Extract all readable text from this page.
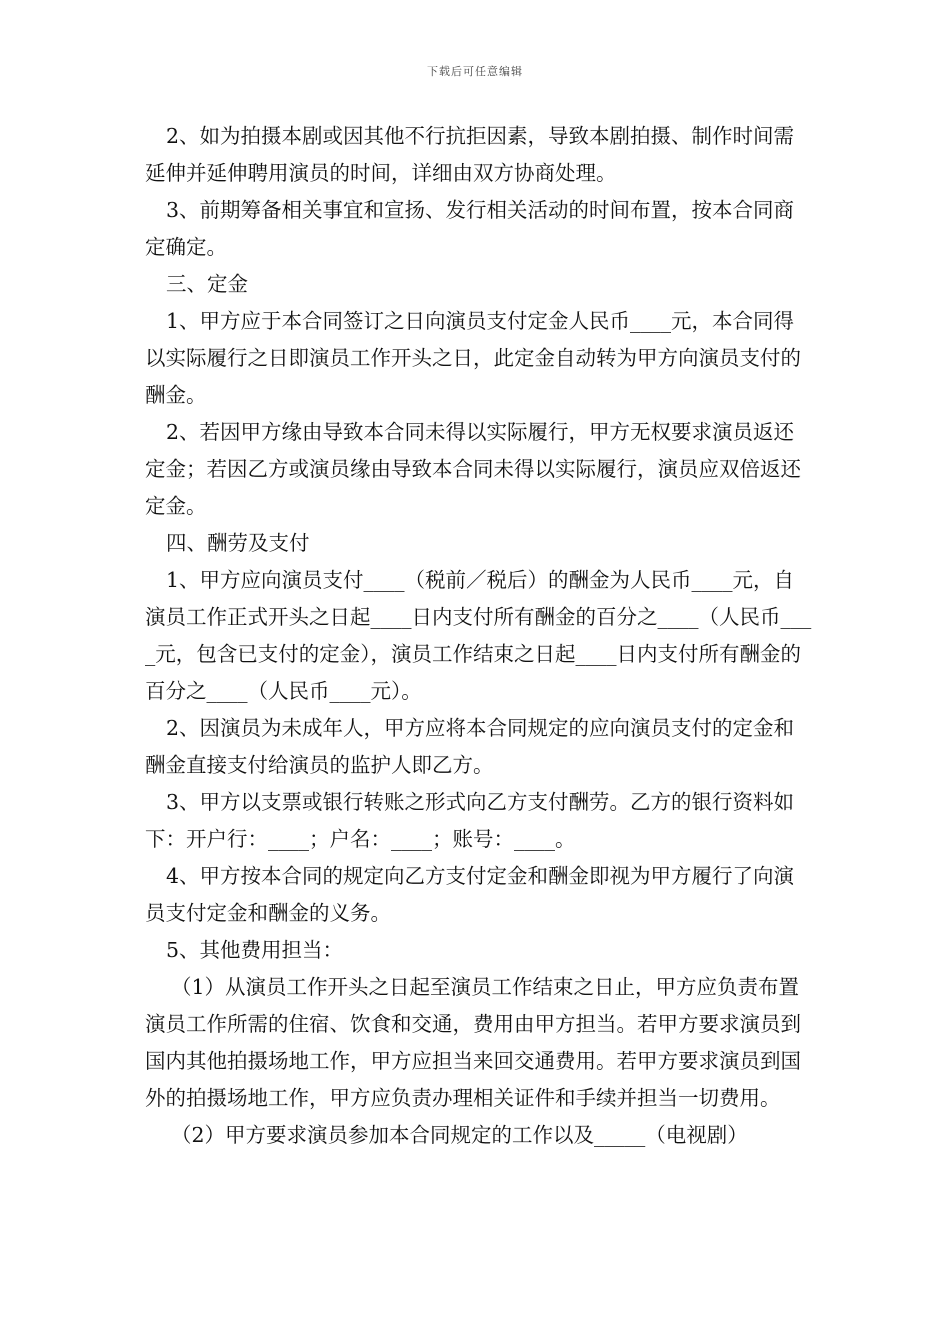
下载后可任意编辑

2、如为拍摄本剧或因其他不行抗拒因素，导致本剧拍摄、制作时间需延伸并延伸聘用演员的时间，详细由双方协商处理。

3、前期筹备相关事宜和宣扬、发行相关活动的时间布置，按本合同商定确定。

三、定金

1、甲方应于本合同签订之日向演员支付定金人民币____元，本合同得以实际履行之日即演员工作开头之日，此定金自动转为甲方向演员支付的酬金。

2、若因甲方缘由导致本合同未得以实际履行，甲方无权要求演员返还定金；若因乙方或演员缘由导致本合同未得以实际履行，演员应双倍返还定金。

四、酬劳及支付

1、甲方应向演员支付____（税前／税后）的酬金为人民币____元，自演员工作正式开头之日起____日内支付所有酬金的百分之____（人民币____元，包含已支付的定金），演员工作结束之日起____日内支付所有酬金的百分之____（人民币____元）。

2、因演员为未成年人，甲方应将本合同规定的应向演员支付的定金和酬金直接支付给演员的监护人即乙方。

3、甲方以支票或银行转账之形式向乙方支付酬劳。乙方的银行资料如下：开户行：____；户名：____；账号：____。

4、甲方按本合同的规定向乙方支付定金和酬金即视为甲方履行了向演员支付定金和酬金的义务。

5、其他费用担当：

（1）从演员工作开头之日起至演员工作结束之日止，甲方应负责布置演员工作所需的住宿、饮食和交通，费用由甲方担当。若甲方要求演员到国内其他拍摄场地工作，甲方应担当来回交通费用。若甲方要求演员到国外的拍摄场地工作，甲方应负责办理相关证件和手续并担当一切费用。

（2）甲方要求演员参加本合同规定的工作以及_____（电视剧）
